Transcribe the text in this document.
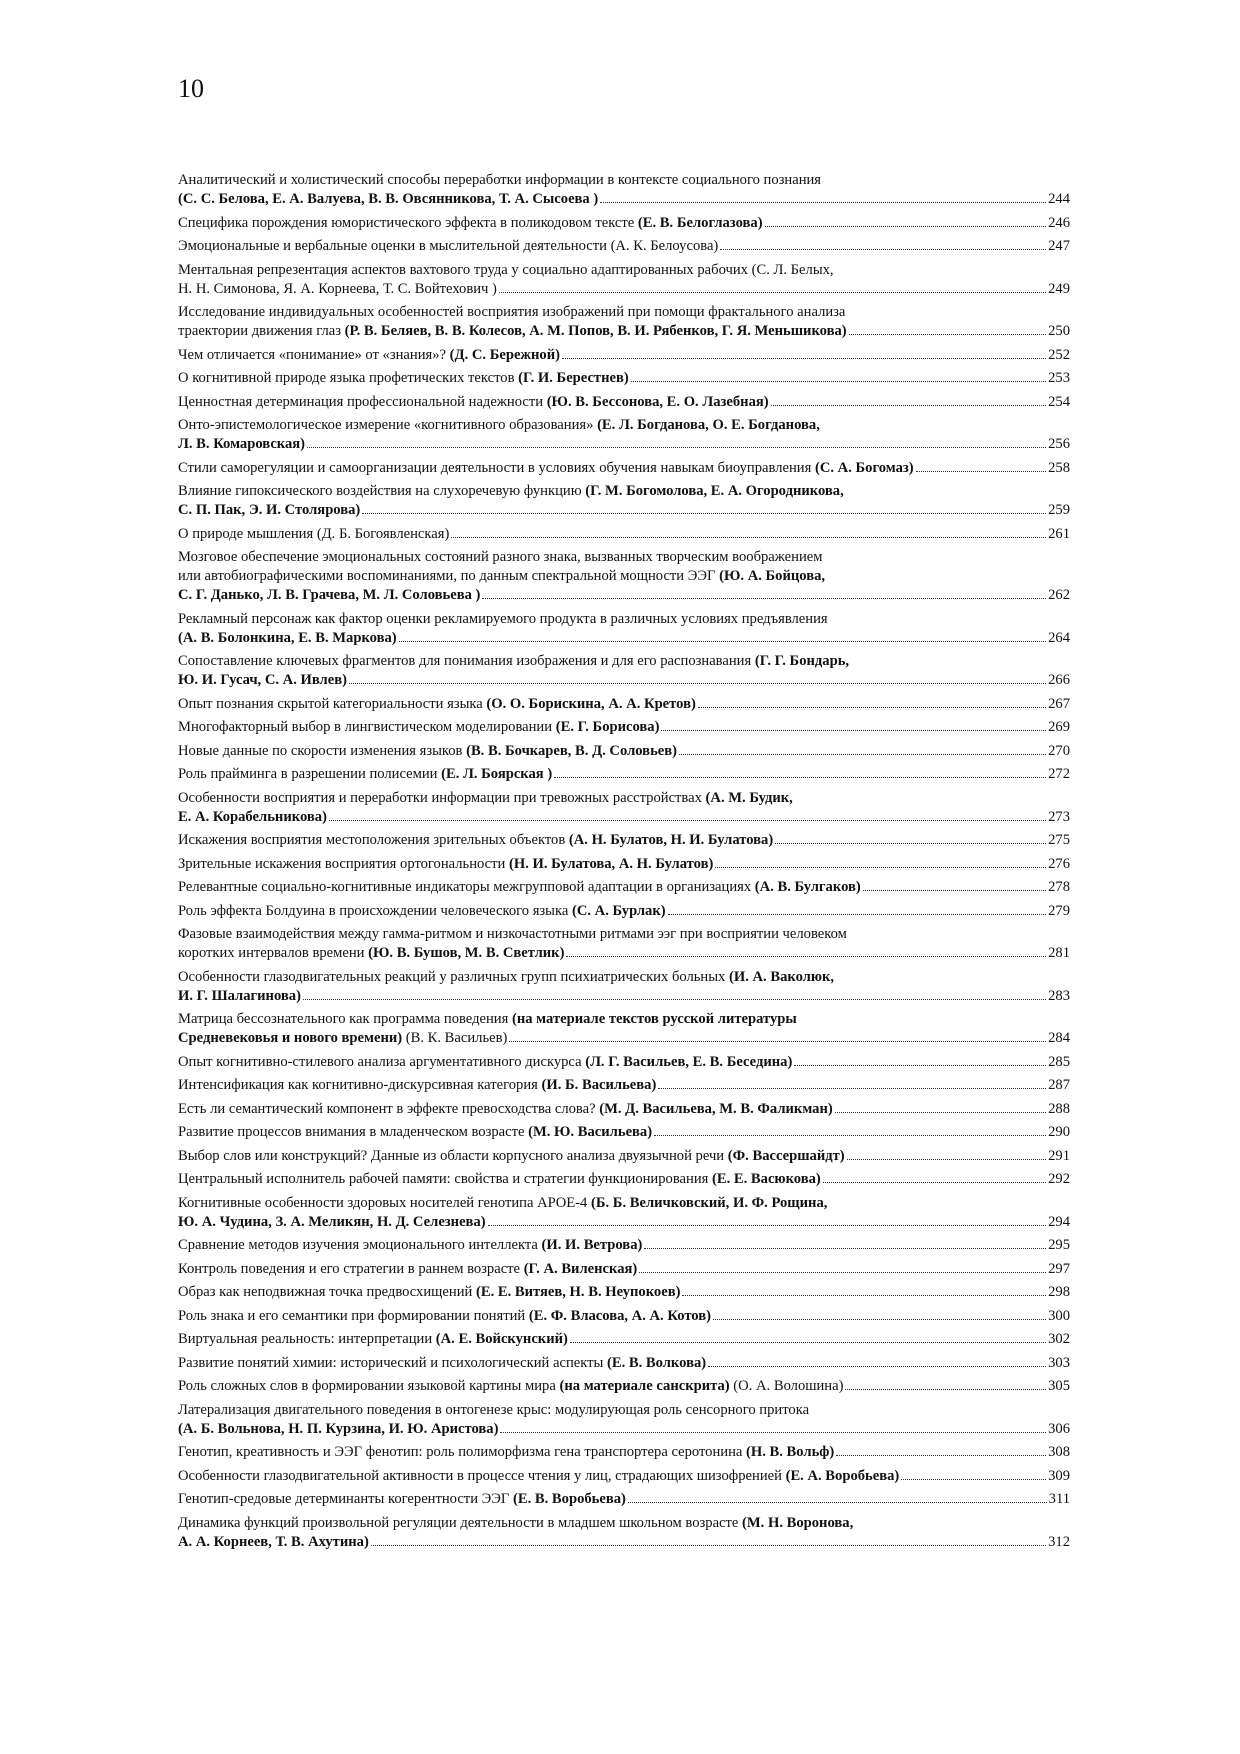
10
Аналитический и холистический способы переработки информации в контексте социального познания
(С. С. Белова, Е. А. Валуева, В. В. Овсянникова, Т. А. Сысоева )	244
Специфика порождения юмористического эффекта в поликодовом тексте (Е. В. Белоглазова)	246
Эмоциональные и вербальные оценки в мыслительной деятельности (А. К. Белоусова)	247
Ментальная репрезентация аспектов вахтового труда у социально адаптированных рабочих (С. Л. Белых,
Н. Н. Симонова, Я. А. Корнеева, Т. С. Войтехович )	249
Исследование индивидуальных особенностей восприятия изображений при помощи фрактального анализа
траектории движения глаз (Р. В. Беляев, В. В. Колесов, А. М. Попов, В. И. Рябенков, Г. Я. Меньшикова)	250
Чем отличается «понимание» от «знания»? (Д. С. Бережной)	252
О когнитивной природе языка профетических текстов (Г. И. Берестнев)	253
Ценностная детерминация профессиональной надежности (Ю. В. Бессонова, Е. О. Лазебная)	254
Онто-эпистемологическое измерение «когнитивного образования» (Е. Л. Богданова, О. Е. Богданова,
Л. В. Комаровская)	256
Стили саморегуляции и самоорганизации деятельности в условиях обучения навыкам биоуправления (С. А. Богомаз)	258
Влияние гипоксического воздействия на слухоречевую функцию (Г. М. Богомолова, Е. А. Огородникова,
С. П. Пак, Э. И. Столярова)	259
О природе мышления (Д. Б. Богоявленская)	261
Мозговое обеспечение эмоциональных состояний разного знака, вызванных творческим воображением
или автобиографическими воспоминаниями, по данным спектральной мощности ЭЭГ (Ю. А. Бойцова,
С. Г. Данько, Л. В. Грачева, М. Л. Соловьева )	262
Рекламный персонаж как фактор оценки рекламируемого продукта в различных условиях предъявления
(А. В. Болонкина, Е. В. Маркова)	264
Сопоставление ключевых фрагментов для понимания изображения и для его распознавания (Г. Г. Бондарь,
Ю. И. Гусач, С. А. Ивлев)	266
Опыт познания скрытой категориальности языка (О. О. Борискина, А. А. Кретов)	267
Многофакторный выбор в лингвистическом моделировании (Е. Г. Борисова)	269
Новые данные по скорости изменения языков (В. В. Бочкарев, В. Д. Соловьев)	270
Роль прайминга в разрешении полисемии (Е. Л. Боярская )	272
Особенности восприятия и переработки информации при тревожных расстройствах (А. М. Будик,
Е. А. Корабельникова)	273
Искажения восприятия местоположения зрительных объектов (А. Н. Булатов, Н. И. Булатова)	275
Зрительные искажения восприятия ортогональности (Н. И. Булатова, А. Н. Булатов)	276
Релевантные социально-когнитивные индикаторы межгрупповой адаптации в организациях (А. В. Булгаков)	278
Роль эффекта Болдуина в происхождении человеческого языка (С. А. Бурлак)	279
Фазовые взаимодействия между гамма-ритмом и низкочастотными ритмами ээг при восприятии человеком
коротких интервалов времени (Ю. В. Бушов, М. В. Светлик)	281
Особенности глазодвигательных реакций у различных групп психиатрических больных (И. А. Ваколюк,
И. Г. Шалагинова)	283
Матрица бессознательного как программа поведения (на материале текстов русской литературы
Средневековья и нового времени) (В. К. Васильев)	284
Опыт когнитивно-стилевого анализа аргументативного дискурса (Л. Г. Васильев, Е. В. Беседина)	285
Интенсификация как когнитивно-дискурсивная категория (И. Б. Васильева)	287
Есть ли семантический компонент в эффекте превосходства слова? (М. Д. Васильева, М. В. Фаликман)	288
Развитие процессов внимания в младенческом возрасте (М. Ю. Васильева)	290
Выбор слов или конструкций? Данные из области корпусного анализа двуязычной речи (Ф. Вассершайдт)	291
Центральный исполнитель рабочей памяти: свойства и стратегии функционирования (Е. Е. Васюкова)	292
Когнитивные особенности здоровых носителей генотипа APOE-4 (Б. Б. Величковский, И. Ф. Рощина,
Ю. А. Чудина, З. А. Меликян, Н. Д. Селезнева)	294
Сравнение методов изучения эмоционального интеллекта (И. И. Ветрова)	295
Контроль поведения и его стратегии в раннем возрасте (Г. А. Виленская)	297
Образ как неподвижная точка предвосхищений (Е. Е. Витяев, Н. В. Неупокоев)	298
Роль знака и его семантики при формировании понятий (Е. Ф. Власова, А. А. Котов)	300
Виртуальная реальность: интерпретации (А. Е. Войскунский)	302
Развитие понятий химии: исторический и психологический аспекты (Е. В. Волкова)	303
Роль сложных слов в формировании языковой картины мира (на материале санскрита) (О. А. Волошина)	305
Латерализация двигательного поведения в онтогенезе крыс: модулирующая роль сенсорного притока
(А. Б. Вольнова, Н. П. Курзина, И. Ю. Аристова)	306
Генотип, креативность и ЭЭГ фенотип: роль полиморфизма гена транспортера серотонина (Н. В. Вольф)	308
Особенности глазодвигательной активности в процессе чтения у лиц, страдающих шизофренией (Е. А. Воробьева)	309
Генотип-средовые детерминанты когерентности ЭЭГ (Е. В. Воробьева)	311
Динамика функций произвольной регуляции деятельности в младшем школьном возрасте (М. Н. Воронова,
А. А. Корнеев, Т. В. Ахутина)	312
